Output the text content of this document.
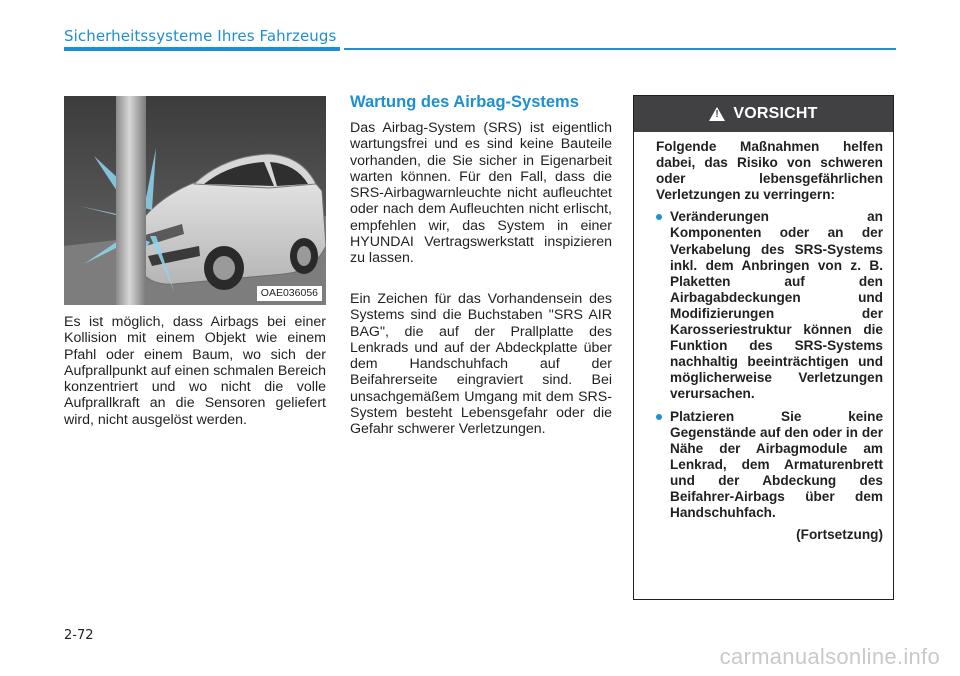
Sicherheitssysteme Ihres Fahrzeugs
OAE036056

Es ist möglich, dass Airbags bei einer Kollision mit einem Objekt wie einem Pfahl oder einem Baum, wo sich der Aufprallpunkt auf einen schmalen Bereich konzentriert und wo nicht die volle Aufprallkraft an die Sensoren geliefert wird, nicht ausgelöst werden.

Wartung des Airbag-Systems

Das Airbag-System (SRS) ist eigentlich wartungsfrei und es sind keine Bauteile vorhanden, die Sie sicher in Eigenarbeit warten können. Für den Fall, dass die SRS-Airbagwarnleuchte nicht aufleuchtet oder nach dem Aufleuchten nicht erlischt, empfehlen wir, das System in einer HYUNDAI Vertragswerkstatt inspizieren zu lassen.

Ein Zeichen für das Vorhandensein des Systems sind die Buchstaben "SRS AIR BAG", die auf der Prallplatte des Lenkrads und auf der Abdeckplatte über dem Handschuhfach auf der Beifahrerseite eingraviert sind. Bei unsachgemäßem Umgang mit dem SRS-System besteht Lebensgefahr oder die Gefahr schwerer Verletzungen.

!
VORSICHT

Folgende Maßnahmen helfen dabei, das Risiko von schweren oder lebensgefährlichen Verletzungen zu verringern:

Veränderungen an Komponenten oder an der Verkabelung des SRS-Systems inkl. dem Anbringen von z. B. Plaketten auf den Airbagabdeckungen und Modifizierungen der Karosseriestruktur können die Funktion des SRS-Systems nachhaltig beeinträchtigen und möglicherweise Verletzungen verursachen.
Platzieren Sie keine Gegenstände auf den oder in der Nähe der Airbagmodule am Lenkrad, dem Armaturenbrett und der Abdeckung des Beifahrer-Airbags über dem Handschuhfach.

(Fortsetzung)

2-72
carmanualsonline.info
